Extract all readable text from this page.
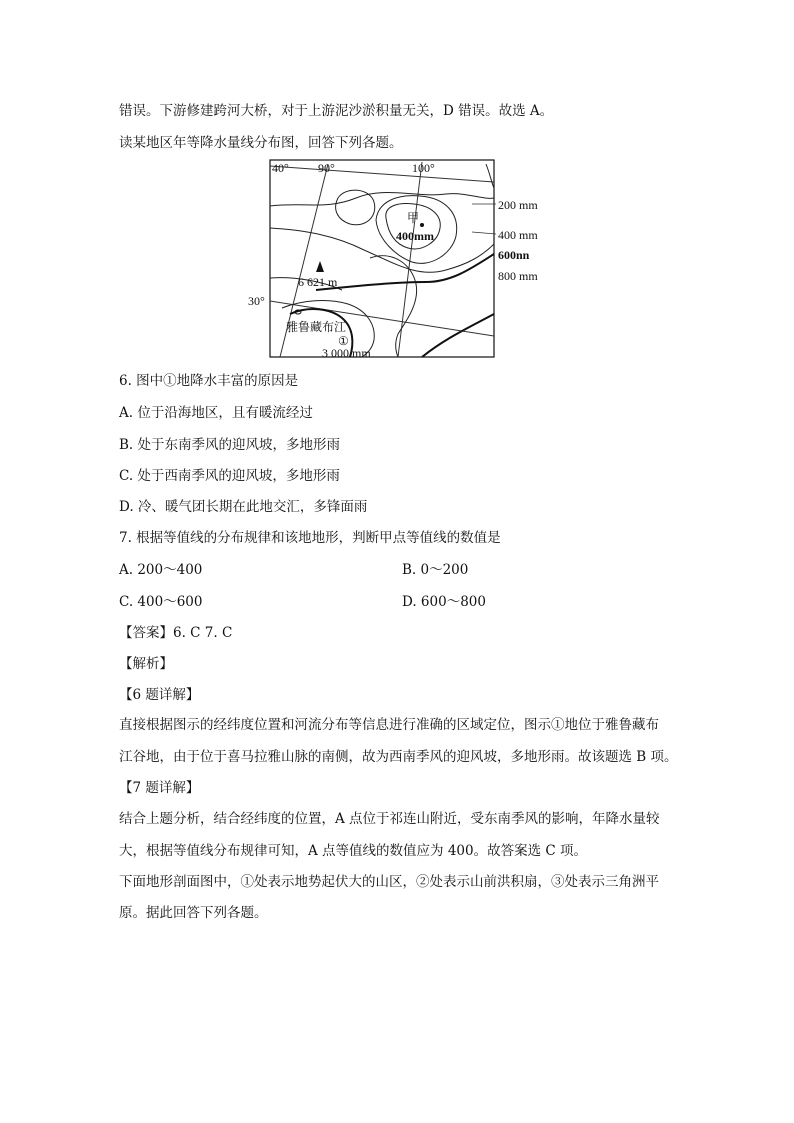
错误。下游修建跨河大桥，对于上游泥沙淤积量无关，D 错误。故选 A。
读某地区年等降水量线分布图，回答下列各题。
甲
400mm
6 621 m
40° 90°	100°
30°
200 mm
400 mm
600nn
800 mm
雅鲁藏布江
①
3 000 mm
6. 图中①地降水丰富的原因是
A. 位于沿海地区，且有暖流经过
B. 处于东南季风的迎风坡，多地形雨
C. 处于西南季风的迎风坡，多地形雨
D. 冷、暖气团长期在此地交汇，多锋面雨
7. 根据等值线的分布规律和该地地形，判断甲点等值线的数值是
A. 200～400	B. 0～200
C. 400～600	D. 600～800
【答案】6. C 7. C
【解析】
【6 题详解】
直接根据图示的经纬度位置和河流分布等信息进行准确的区域定位，图示①地位于雅鲁藏布
江谷地，由于位于喜马拉雅山脉的南侧，故为西南季风的迎风坡，多地形雨。故该题选 B 项。
【7 题详解】
结合上题分析，结合经纬度的位置，A 点位于祁连山附近，受东南季风的影响，年降水量较
大，根据等值线分布规律可知，A 点等值线的数值应为 400。故答案选 C 项。
下面地形剖面图中，①处表示地势起伏大的山区，②处表示山前洪积扇，③处表示三角洲平
原。据此回答下列各题。
